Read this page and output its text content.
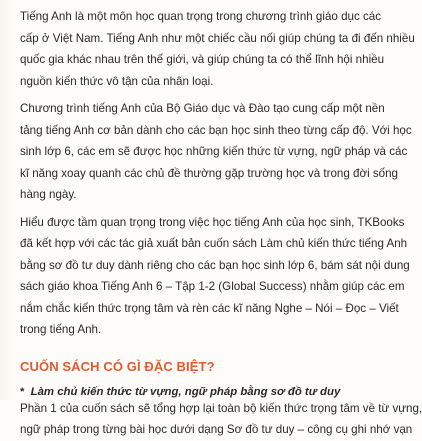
Tiếng Anh là một môn học quan trọng trong chương trình giáo dục các
cấp ở Việt Nam. Tiếng Anh như một chiếc cầu nối giúp chúng ta đi đến nhiều
quốc gia khác nhau trên thế giới, và giúp chúng ta có thể lĩnh hội nhiều
nguồn kiến thức vô tận của nhân loại.

Chương trình tiếng Anh của Bộ Giáo dục và Đào tạo cung cấp một nền
tảng tiếng Anh cơ bản dành cho các bạn học sinh theo từng cấp độ. Với học
sinh lớp 6, các em sẽ được học những kiến thức từ vựng, ngữ pháp và các
kĩ năng xoay quanh các chủ đề thường gặp trường học và trong đời sống
hàng ngày.

Hiểu được tầm quan trọng trong việc học tiếng Anh của học sinh, TKBooks
đã kết hợp với các tác giả xuất bản cuốn sách Làm chủ kiến thức tiếng Anh
bằng sơ đồ tư duy dành riêng cho các bạn học sinh lớp 6, bám sát nội dung
sách giáo khoa Tiếng Anh 6 – Tập 1-2 (Global Success) nhằm giúp các em
nắm chắc kiến thức trọng tâm và rèn các kĩ năng Nghe – Nói – Đọc – Viết
trong tiếng Anh.

CUỐN SÁCH CÓ GÌ ĐẶC BIỆT?
* Làm chủ kiến thức từ vựng, ngữ pháp bằng sơ đồ tư duy

Phần 1 của cuốn sách sẽ tổng hợp lại toàn bộ kiến thức trọng tâm về từ vựng,
ngữ pháp trong từng bài học dưới dạng Sơ đồ tư duy – công cụ ghi nhớ vạn
